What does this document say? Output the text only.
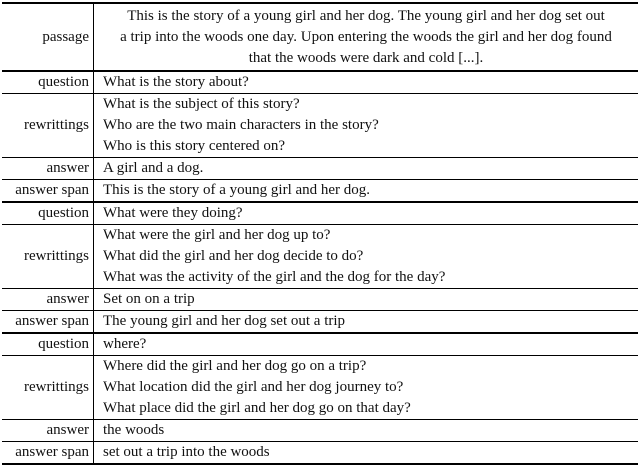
passage
This is the story of a young girl and her dog. The young girl and her dog set out
a trip into the woods one day. Upon entering the woods the girl and her dog found
that the woods were dark and cold [...].
question What is the story about?
rewrittings
What is the subject of this story?
Who are the two main characters in the story?
Who is this story centered on?
answer A girl and a dog.
answer span This is the story of a young girl and her dog.
question What were they doing?
rewrittings
What were the girl and her dog up to?
What did the girl and her dog decide to do?
What was the activity of the girl and the dog for the day?
answer Set on on a trip
answer span The young girl and her dog set out a trip
question where?
rewrittings
Where did the girl and her dog go on a trip?
What location did the girl and her dog journey to?
What place did the girl and her dog go on that day?
answer the woods
answer span set out a trip into the woods
